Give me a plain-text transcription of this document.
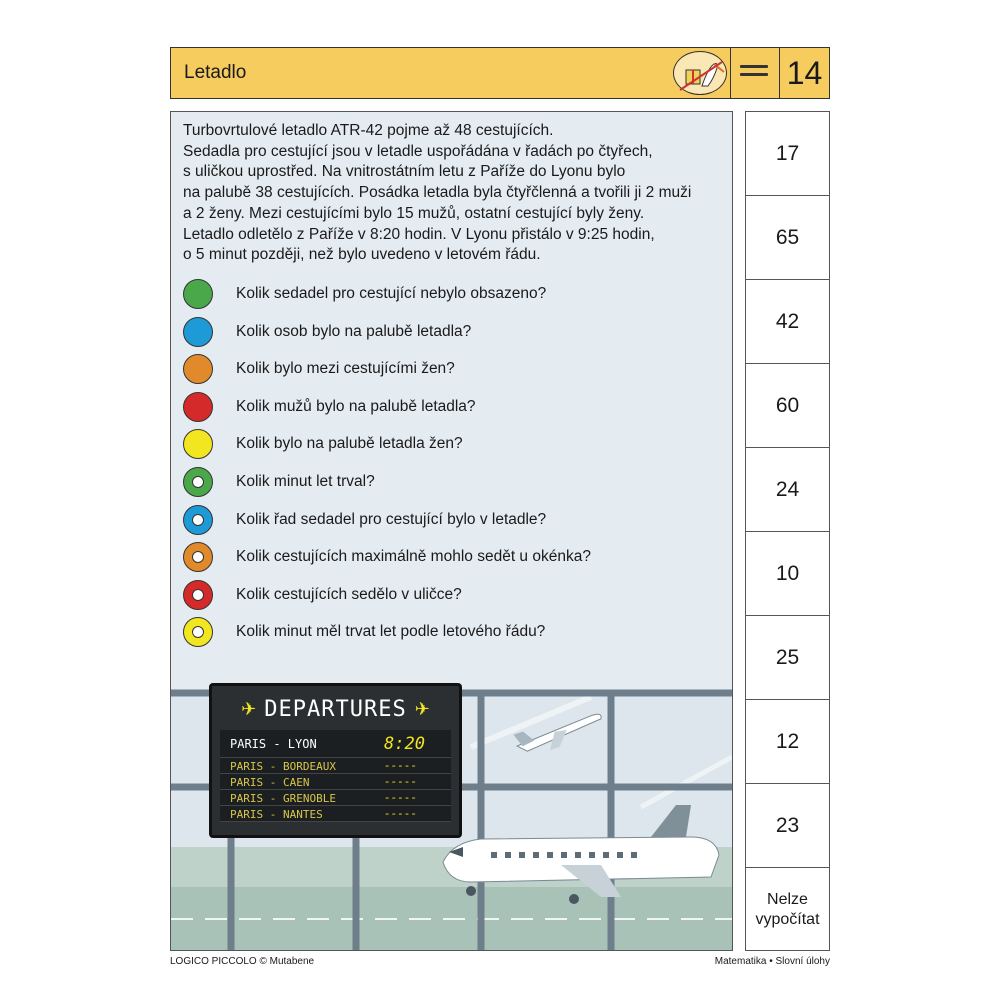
Letadlo	14
Turbovrtulové letadlo ATR-42 pojme až 48 cestujících.
Sedadla pro cestující jsou v letadle uspořádána v řadách po čtyřech,
s uličkou uprostřed. Na vnitrostátním letu z Paříže do Lyonu bylo
na palubě 38 cestujících. Posádka letadla byla čtyřčlenná a tvořili ji 2 muži
a 2 ženy. Mezi cestujícími bylo 15 mužů, ostatní cestující byly ženy.
Letadlo odletělo z Paříže v 8:20 hodin. V Lyonu přistálo v 9:25 hodin,
o 5 minut později, než bylo uvedeno v letovém řádu.
Kolik sedadel pro cestující nebylo obsazeno?
Kolik osob bylo na palubě letadla?
Kolik bylo mezi cestujícími žen?
Kolik mužů bylo na palubě letadla?
Kolik bylo na palubě letadla žen?
Kolik minut let trval?
Kolik řad sedadel pro cestující bylo v letadle?
Kolik cestujících maximálně mohlo sedět u okénka?
Kolik cestujících sedělo v uličce?
Kolik minut měl trvat let podle letového řádu?
✈ DEPARTURES ✈
PARIS - LYON	8:20
PARIS - BORDEAUX	-----
PARIS - CAEN	-----
PARIS - GRENOBLE	-----
PARIS - NANTES	-----
17
65
42
60
24
10
25
12
23
Nelze
vypočítat
LOGICO PICCOLO © Mutabene	Matematika • Slovní úlohy
